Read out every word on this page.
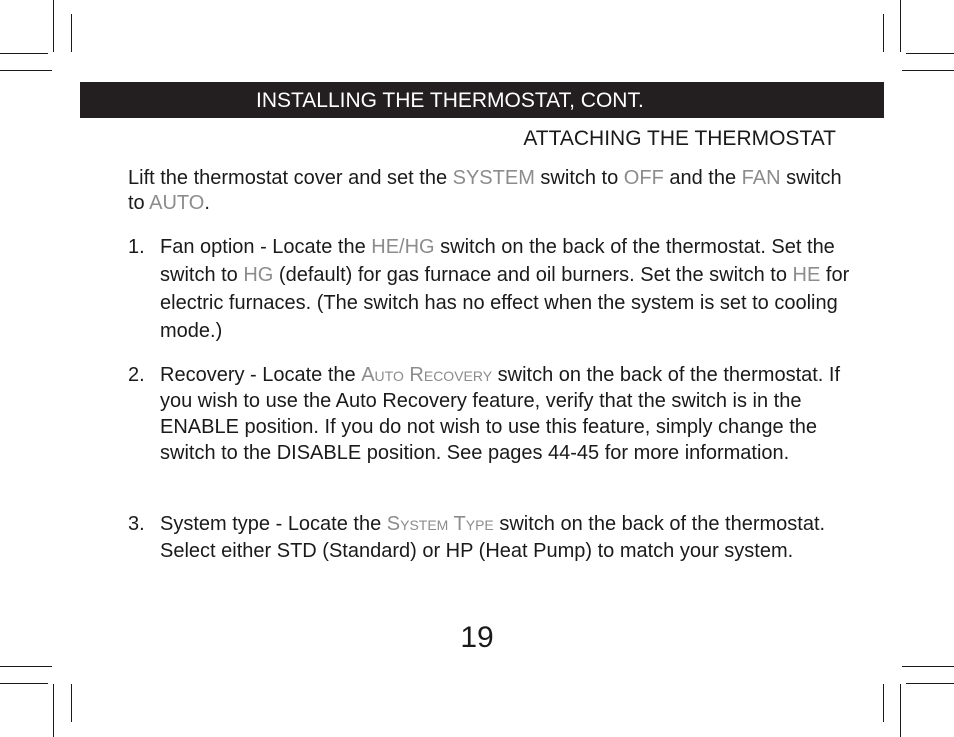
INSTALLING THE THERMOSTAT, CONT.
ATTACHING THE THERMOSTAT
Lift the thermostat cover and set the SYSTEM switch to OFF and the FAN switch to AUTO.
1. Fan option - Locate the HE/HG switch on the back of the thermostat. Set the switch to HG (default) for gas furnace and oil burners. Set the switch to HE for electric furnaces. (The switch has no effect when the system is set to cooling mode.)
2. Recovery - Locate the Auto Recovery switch on the back of the thermostat. If you wish to use the Auto Recovery feature, verify that the switch is in the ENABLE position. If you do not wish to use this feature, simply change the switch to the DISABLE position. See pages 44-45 for more information.
3. System type - Locate the System Type switch on the back of the thermostat. Select either STD (Standard) or HP (Heat Pump) to match your system.
19
